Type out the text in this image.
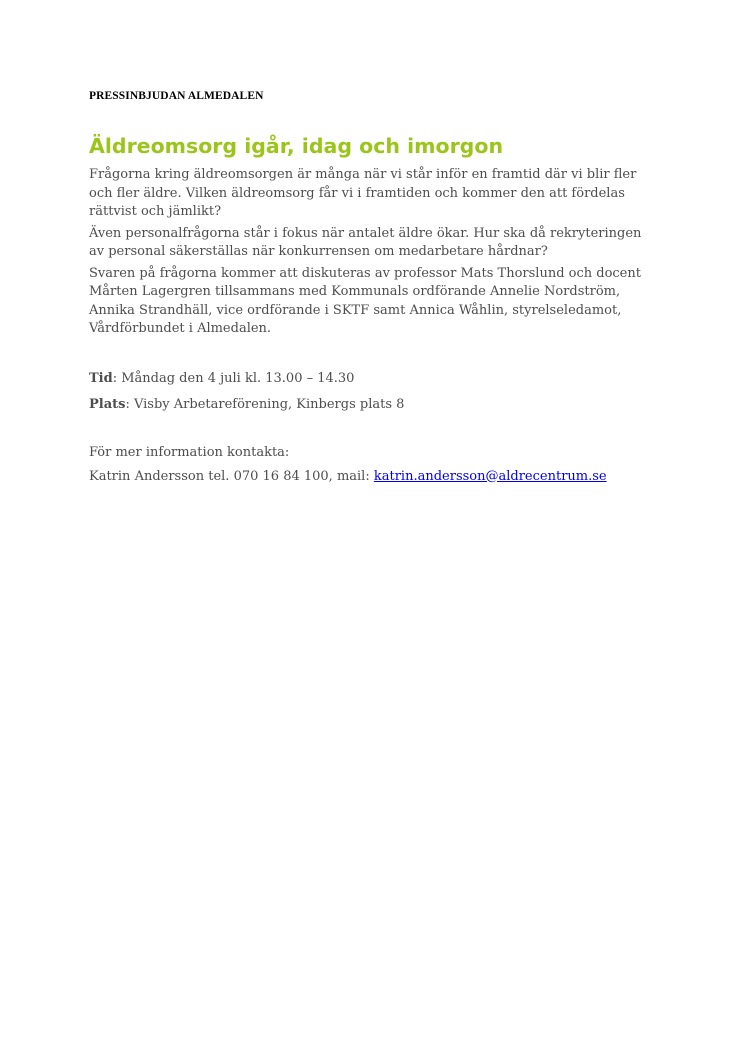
PRESSINBJUDAN ALMEDALEN

Äldreomsorg igår, idag och imorgon

Frågorna kring äldreomsorgen är många när vi står inför en framtid där vi blir fler och fler äldre. Vilken äldreomsorg får vi i framtiden och kommer den att fördelas rättvist och jämlikt?

Även personalfrågorna står i fokus när antalet äldre ökar. Hur ska då rekryteringen av personal säkerställas när konkurrensen om medarbetare hårdnar?

Svaren på frågorna kommer att diskuteras av professor Mats Thorslund och docent Mårten Lagergren tillsammans med Kommunals ordförande Annelie Nordström, Annika Strandhäll, vice ordförande i SKTF samt Annica Wåhlin, styrelseledamot, Vårdförbundet i Almedalen.

Tid: Måndag den 4 juli kl. 13.00 – 14.30

Plats: Visby Arbetareförening, Kinbergs plats 8

För mer information kontakta:

Katrin Andersson tel. 070 16 84 100, mail: katrin.andersson@aldrecentrum.se
